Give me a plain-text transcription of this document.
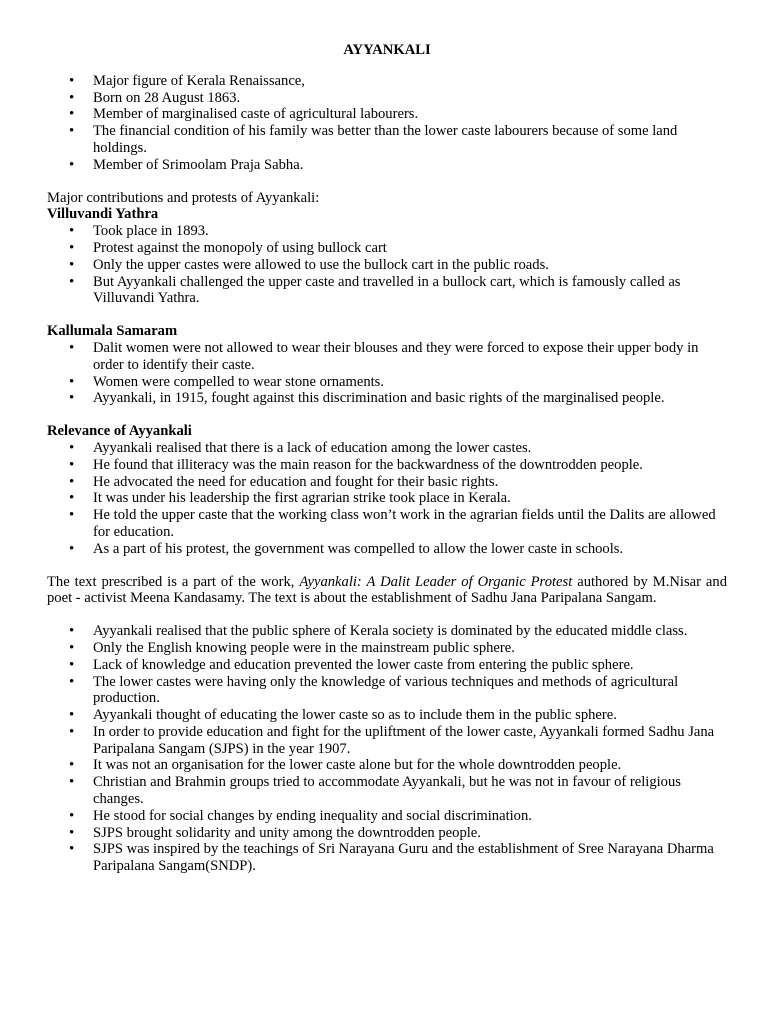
AYYANKALI

• Major figure of Kerala Renaissance,
• Born on 28 August 1863.
• Member of marginalised caste of agricultural labourers.
• The financial condition of his family was better than the lower caste labourers because of some land holdings.
• Member of Srimoolam Praja Sabha.

Major contributions and protests of Ayyankali:

Villuvandi Yathra

• Took place in 1893.
• Protest against the monopoly of using bullock cart
• Only the upper castes were allowed to use the bullock cart in the public roads.
• But Ayyankali challenged the upper caste and travelled in a bullock cart, which is famously called as Villuvandi Yathra.

Kallumala Samaram

• Dalit women were not allowed to wear their blouses and they were forced to expose their upper body in order to identify their caste.
• Women were compelled to wear stone ornaments.
• Ayyankali, in 1915, fought against this discrimination and basic rights of the marginalised people.

Relevance of Ayyankali

• Ayyankali realised that there is a lack of education among the lower castes.
• He found that illiteracy was the main reason for the backwardness of the downtrodden people.
• He advocated the need for education and fought for their basic rights.
• It was under his leadership the first agrarian strike took place in Kerala.
• He told the upper caste that the working class won’t work in the agrarian fields until the Dalits are allowed for education.
• As a part of his protest, the government was compelled to allow the lower caste in schools.

The text prescribed is a part of the work, Ayyankali: A Dalit Leader of Organic Protest authored by M.Nisar and poet - activist Meena Kandasamy. The text is about the establishment of Sadhu Jana Paripalana Sangam.

• Ayyankali realised that the public sphere of Kerala society is dominated by the educated middle class.
• Only the English knowing people were in the mainstream public sphere.
• Lack of knowledge and education prevented the lower caste from entering the public sphere.
• The lower castes were having only the knowledge of various techniques and methods of agricultural production.
• Ayyankali thought of educating the lower caste so as to include them in the public sphere.
• In order to provide education and fight for the upliftment of the lower caste, Ayyankali formed Sadhu Jana Paripalana Sangam (SJPS) in the year 1907.
• It was not an organisation for the lower caste alone but for the whole downtrodden people.
• Christian and Brahmin groups tried to accommodate Ayyankali, but he was not in favour of religious changes.
• He stood for social changes by ending inequality and social discrimination.
• SJPS brought solidarity and unity among the downtrodden people.
• SJPS was inspired by the teachings of Sri Narayana Guru and the establishment of Sree Narayana Dharma Paripalana Sangam(SNDP).
